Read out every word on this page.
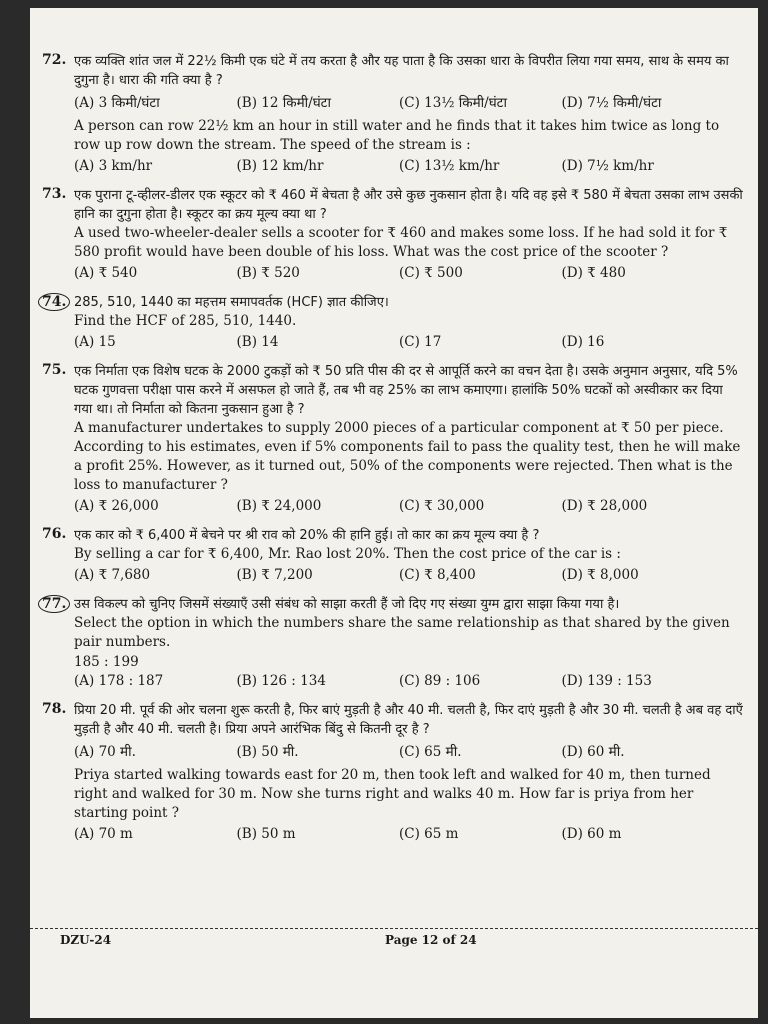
72. एक व्यक्ति शांत जल में 22½ किमी एक घंटे में तय करता है और यह पाता है कि उसका धारा के विपरीत लिया गया समय, साथ के समय का दुगुना है। धारा की गति क्या है ?
(A) 3 किमी/घंटा	(B) 12 किमी/घंटा	(C) 13½ किमी/घंटा	(D) 7½ किमी/घंटा
A person can row 22½ km an hour in still water and he finds that it takes him twice as long to row up row down the stream. The speed of the stream is :
(A) 3 km/hr	(B) 12 km/hr	(C) 13½ km/hr	(D) 7½ km/hr
73. एक पुराना टू-व्हीलर-डीलर एक स्कूटर को ₹ 460 में बेचता है और उसे कुछ नुकसान होता है। यदि वह इसे ₹ 580 में बेचता उसका लाभ उसकी हानि का दुगुना होता है। स्कूटर का क्रय मूल्य क्या था ?
A used two-wheeler-dealer sells a scooter for ₹ 460 and makes some loss. If he had sold it for ₹ 580 profit would have been double of his loss. What was the cost price of the scooter ?
(A) ₹ 540	(B) ₹ 520	(C) ₹ 500	(D) ₹ 480
74. 285, 510, 1440 का महत्तम समापवर्तक (HCF) ज्ञात कीजिए।
Find the HCF of 285, 510, 1440.
(A) 15	(B) 14	(C) 17	(D) 16
75. एक निर्माता एक विशेष घटक के 2000 टुकड़ों को ₹ 50 प्रति पीस की दर से आपूर्ति करने का वचन देता है। उसके अनुमान अनुसार, यदि 5% घटक गुणवत्ता परीक्षा पास करने में असफल हो जाते हैं, तब भी वह 25% का लाभ कमाएगा। हालांकि 50% घटकों को अस्वीकार कर दिया गया था। तो निर्माता को कितना नुकसान हुआ है ?
A manufacturer undertakes to supply 2000 pieces of a particular component at ₹ 50 per piece. According to his estimates, even if 5% components fail to pass the quality test, then he will make a profit 25%. However, as it turned out, 50% of the components were rejected. Then what is the loss to manufacturer ?
(A) ₹ 26,000	(B) ₹ 24,000	(C) ₹ 30,000	(D) ₹ 28,000
76. एक कार को ₹ 6,400 में बेचने पर श्री राव को 20% की हानि हुई। तो कार का क्रय मूल्य क्या है ?
By selling a car for ₹ 6,400, Mr. Rao lost 20%. Then the cost price of the car is :
(A) ₹ 7,680	(B) ₹ 7,200	(C) ₹ 8,400	(D) ₹ 8,000
77. उस विकल्प को चुनिए जिसमें संख्याएँ उसी संबंध को साझा करती हैं जो दिए गए संख्या युग्म द्वारा साझा किया गया है।
Select the option in which the numbers share the same relationship as that shared by the given pair numbers.
185 : 199
(A) 178 : 187	(B) 126 : 134	(C) 89 : 106	(D) 139 : 153
78. प्रिया 20 मी. पूर्व की ओर चलना शुरू करती है, फिर बाएं मुड़ती है और 40 मी. चलती है, फिर दाएं मुड़ती है और 30 मी. चलती है अब वह दाएँ मुड़ती है और 40 मी. चलती है। प्रिया अपने आरंभिक बिंदु से कितनी दूर है ?
(A) 70 मी.	(B) 50 मी.	(C) 65 मी.	(D) 60 मी.
Priya started walking towards east for 20 m, then took left and walked for 40 m, then turned right and walked for 30 m. Now she turns right and walks 40 m. How far is priya from her starting point ?
(A) 70 m	(B) 50 m	(C) 65 m	(D) 60 m
DZU-24	Page 12 of 24
